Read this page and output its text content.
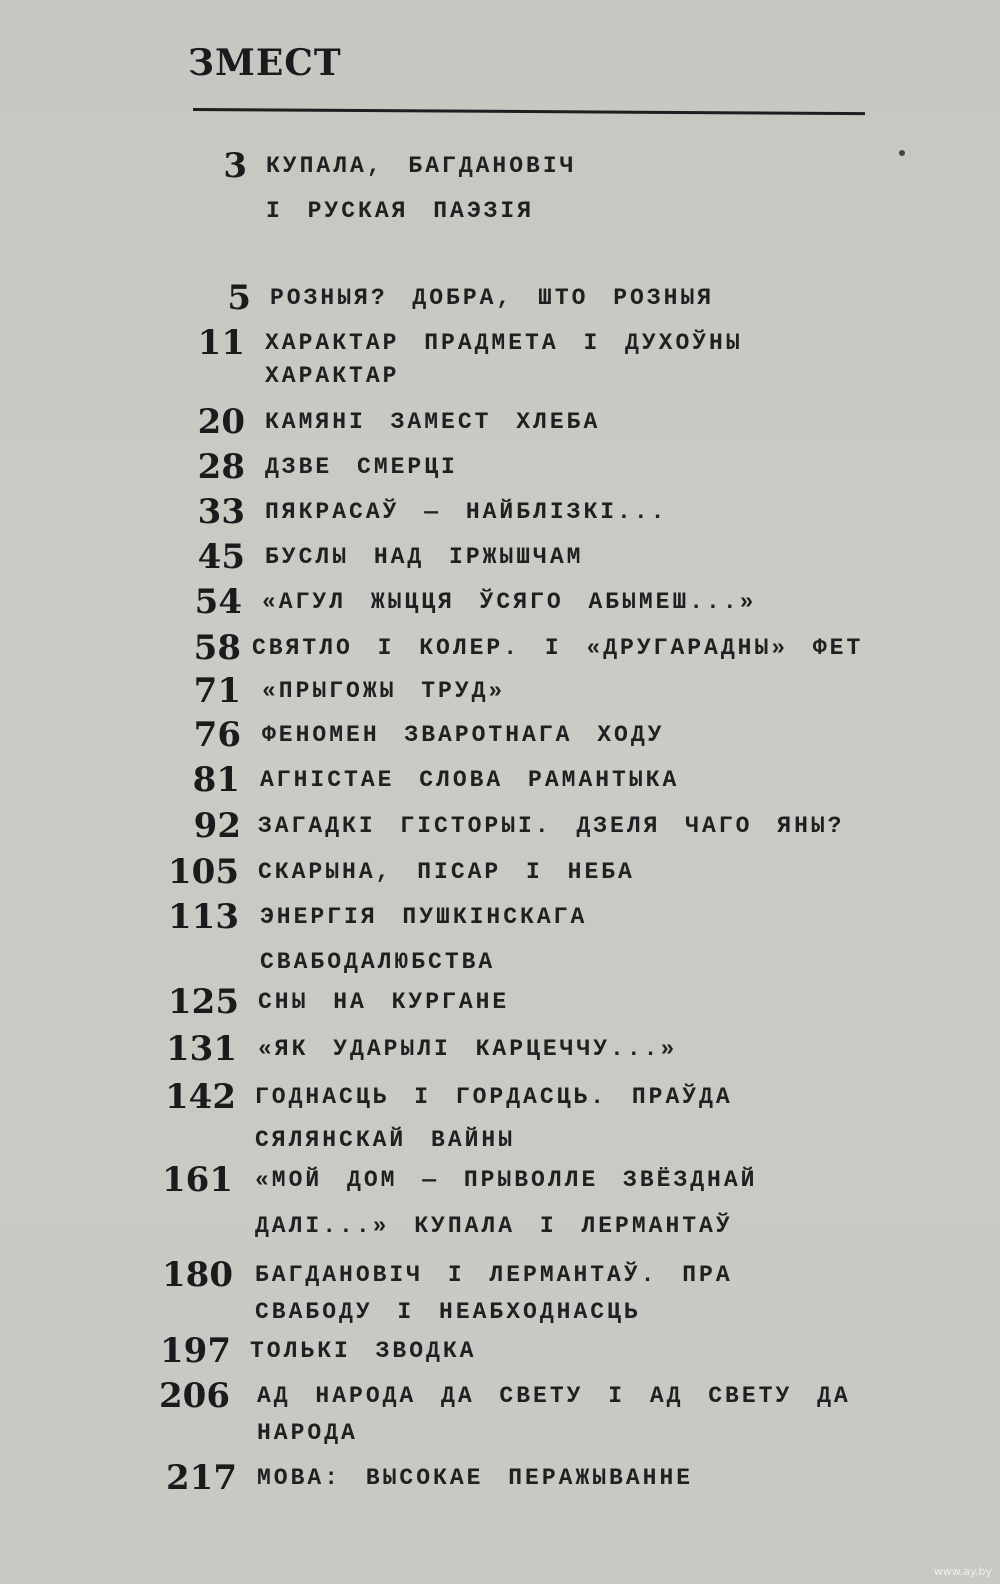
ЗМЕСТ
3 КУПАЛА, БАГДАНОВІЧ
І РУСКАЯ ПАЭЗІЯ
5 РОЗНЫЯ? ДОБРА, ШТО РОЗНЫЯ
11 ХАРАКТАР ПРАДМЕТА І ДУХОЎНЫ
ХАРАКТАР
20 КАМЯНІ ЗАМЕСТ ХЛЕБА
28 ДЗВЕ СМЕРЦІ
33 ПЯКРАСАЎ — НАЙБЛІЗКІ...
45 БУСЛЫ НАД ІРЖЫШЧАМ
54 «АГУЛ ЖЫЦЦЯ ЎСЯГО АБЫМЕШ...»
58 СВЯТЛО І КОЛЕР. І «ДРУГАРАДНЫ» ФЕТ
71 «ПРЫГОЖЫ ТРУД»
76 ФЕНОМЕН ЗВАРОТНАГА ХОДУ
81 АГНІСТАЕ СЛОВА РАМАНТЫКА
92 ЗАГАДКІ ГІСТОРЫІ. ДЗЕЛЯ ЧАГО ЯНЫ?
105 СКАРЫНА, ПІСАР І НЕБА
113 ЭНЕРГІЯ ПУШКІНСКАГА
СВАБОДАЛЮБСТВА
125 СНЫ НА КУРГАНЕ
131 «ЯК УДАРЫЛІ КАРЦЕЧЧУ...»
142 ГОДНАСЦЬ І ГОРДАСЦЬ. ПРАЎДА
СЯЛЯНСКАЙ ВАЙНЫ
161 «МОЙ ДОМ — ПРЫВОЛЛЕ ЗВЁЗДНАЙ
ДАЛІ...» КУПАЛА І ЛЕРМАНТАЎ
180 БАГДАНОВІЧ І ЛЕРМАНТАЎ. ПРА
СВАБОДУ І НЕАБХОДНАСЦЬ
197 ТОЛЬКІ ЗВОДКА
206 АД НАРОДА ДА СВЕТУ І АД СВЕТУ ДА
НАРОДА
217 МОВА: ВЫСОКАЕ ПЕРАЖЫВАННЕ
www.ay.by
